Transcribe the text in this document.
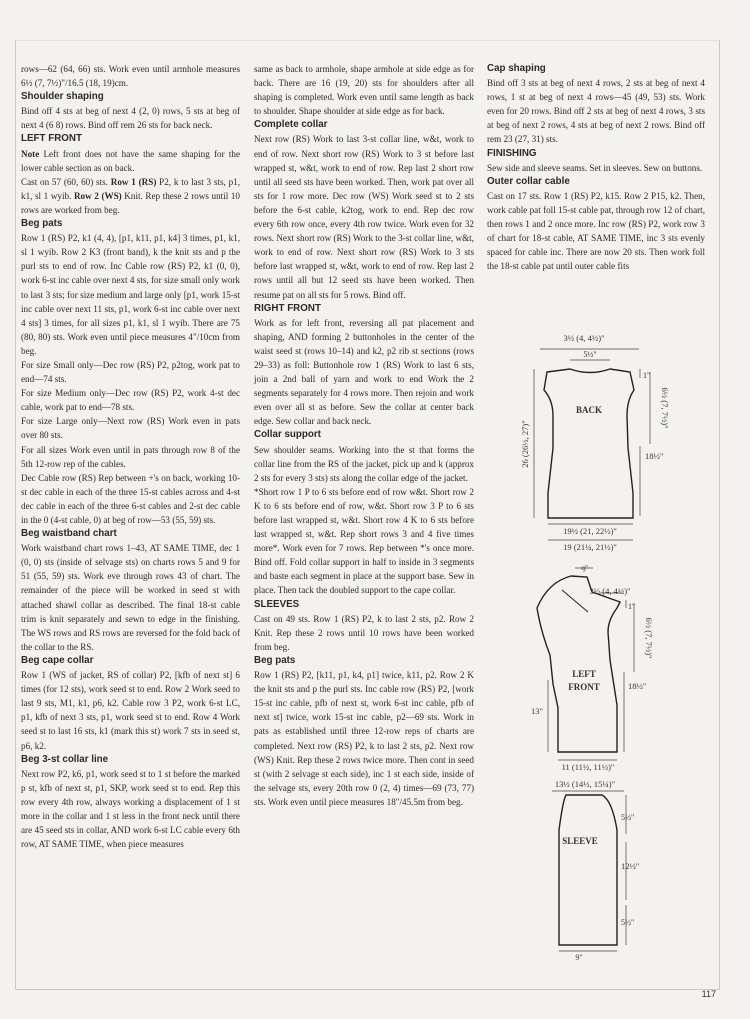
rows—62 (64, 66) sts. Work even until armhole measures 6½ (7, 7½)"/16.5 (18, 19)cm.
Shoulder shaping
Bind off 4 sts at beg of next 4 (2, 0) rows, 5 sts at beg of next 4 (6 8) rows. Bind off rem 26 sts for back neck.
LEFT FRONT
Note Left front does not have the same shaping for the lower cable section as on back.
Cast on 57 (60, 60) sts. Row 1 (RS) P2, k to last 3 sts, p1, k1, sl 1 wyib. Row 2 (WS) Knit. Rep these 2 rows until 10 rows are worked from beg.
Beg pats
Row 1 (RS) P2, k1 (4, 4), [p1, k11, p1, k4] 3 times, p1, k1, sl 1 wyib. Row 2 K3 (front band), k the knit sts and p the purl sts to end of row. Inc Cable row (RS) P2, k1 (0, 0), work 6-st inc cable over next 4 sts, for size small only work to last 3 sts; for size medium and large only [p1, work 15-st inc cable over next 11 sts, p1, work 6-st inc cable over next 4 sts] 3 times, for all sizes p1, k1, sl 1 wyib. There are 75 (80, 80) sts. Work even until piece measures 4"/10cm from beg.
For size Small only—Dec row (RS) P2, p2tog, work pat to end—74 sts.
For size Medium only—Dec row (RS) P2, work 4-st dec cable, work pat to end—78 sts.
For size Large only—Next row (RS) Work even in pats over 80 sts.
For all sizes Work even until in pats through row 8 of the 5th 12-row rep of the cables.
Dec Cable row (RS) Rep between +'s on back, working 10-st dec cable in each of the three 15-st cables across and 4-st dec cable in each of the three 6-st cables and 2-st dec cable in the 0 (4-st cable, 0) at beg of row—53 (55, 59) sts.
Beg waistband chart
Work waistband chart rows 1–43, AT SAME TIME, dec 1 (0, 0) sts (inside of selvage sts) on charts rows 5 and 9 for 51 (55, 59) sts. Work eve through rows 43 of chart. The remainder of the piece will be worked in seed st with attached shawl collar as described. The final 18-st cable trim is knit separately and sewn to edge in the finishing. The WS rows and RS rows are reversed for the fold back of the collar to the RS.
Beg cape collar
Row 1 (WS of jacket, RS of collar) P2, [kfb of next st] 6 times (for 12 sts), work seed st to end. Row 2 Work seed to last 9 sts, M1, k1, p6, k2. Cable row 3 P2, work 6-st LC, p1, kfb of next 3 sts, p1, work seed st to end. Row 4 Work seed st to last 16 sts, k1 (mark this st) work 7 sts in seed st, p6, k2.
Beg 3-st collar line
Next row P2, k6, p1, work seed st to 1 st before the marked p st, kfb of next st, p1, SKP, work seed st to end. Rep this row every 4th row, always working a displacement of 1 st more in the collar and 1 st less in the front neck until there are 45 seed sts in collar, AND work 6-st LC cable every 6th row, AT SAME TIME, when piece measures
same as back to armhole, shape armhole at side edge as for back. There are 16 (19, 20) sts for shoulders after all shaping is completed. Work even until same length as back to shoulder. Shape shoulder at side edge as for back.
Complete collar
Next row (RS) Work to last 3-st collar line, w&t, work to end of row. Next short row (RS) Work to 3 st before last wrapped st, w&t, work to end of row. Rep last 2 short row until all seed sts have been worked. Then, work pat over all sts for 1 row more. Dec row (WS) Work seed st to 2 sts before the 6-st cable, k2tog, work to end. Rep dec row every 6th row once, every 4th row twice. Work even for 32 rows. Next short row (RS) Work to the 3-st collar line, w&t, work to end of row. Next short row (RS) Work to 3 sts before last wrapped st, w&t, work to end of row. Rep last 2 rows until all but 12 seed sts have been worked. Then resume pat on all sts for 5 rows. Bind off.
RIGHT FRONT
Work as for left front, reversing all pat placement and shaping, AND forming 2 buttonholes in the center of the waist seed st (rows 10–14) and k2, p2 rib st sections (rows 29–33) as foll: Buttonhole row 1 (RS) Work to last 6 sts, join a 2nd ball of yarn and work to end Work the 2 segments separately for 4 rows more. Then rejoin and work even over all st as before. Sew the collar at center back edge. Sew collar and back neck.
Collar support
Sew shoulder seams. Working into the st that forms the collar line from the RS of the jacket, pick up and k (approx 2 sts for every 3 sts) sts along the collar edge of the jacket.
*Short row 1 P to 6 sts before end of row w&t. Short row 2 K to 6 sts before end of row, w&t. Short row 3 P to 6 sts before last wrapped st, w&t. Short row 4 K to 6 sts before last wrapped st, w&t. Rep short rows 3 and 4 five times more*. Work even for 7 rows. Rep between *'s once more. Bind off. Fold collar support in half to inside in 3 segments and baste each segment in place at the support base. Sew in place. Then tack the doubled support to the cape collar.
SLEEVES
Cast on 49 sts. Row 1 (RS) P2, k to last 2 sts, p2. Row 2 Knit. Rep these 2 rows until 10 rows have been worked from beg.
Beg pats
Row 1 (RS) P2, [k11, p1, k4, p1] twice, k11, p2. Row 2 K the knit sts and p the purl sts. Inc cable row (RS) P2, [work 15-st inc cable, pfb of next st, work 6-st inc cable, pfb of next st] twice, work 15-st inc cable, p2—69 sts. Work in pats as established until three 12-row reps of charts are completed. Next row (RS) P2, k to last 2 sts, p2. Next row (WS) Knit. Rep these 2 rows twice more. Then cont in seed st (with 2 selvage st each side), inc 1 st each side, inside of the selvage sts, every 20th row 0 (2, 4) times—69 (73, 77) sts. Work even until piece measures 18"/45.5m from beg.
Cap shaping
Bind off 3 sts at beg of next 4 rows, 2 sts at beg of next 4 rows, 1 st at beg of next 4 rows—45 (49, 53) sts. Work even for 20 rows. Bind off 2 sts at beg of next 4 rows, 3 sts at beg of next 2 rows, 4 sts at beg of next 2 rows. Bind off rem 23 (27, 31) sts.
FINISHING
Sew side and sleeve seams. Set in sleeves. Sew on buttons.
Outer collar cable
Cast on 17 sts. Row 1 (RS) P2, k15. Row 2 P15, k2. Then, work cable pat foll 15-st cable pat, through row 12 of chart, then rows 1 and 2 once more. Inc row (RS) P2, work row 3 of chart for 18-st cable, AT SAME TIME, inc 3 sts evenly spaced for cable inc. There are now 20 sts. Then work foll the 18-st cable pat until outer cable fits
3½ (4, 4½)"
5½"
1"
6½ (7, 7½)"
26 (26½, 27)"	18½"
BACK
19½ (21, 22½)"
19 (21¼, 21½)"
9"
3½ (4, 4½)"
1"
6½ (7, 7½)"
18½"
LEFT
FRONT
13"
11 (11½, 11½)"
13½ (14½, 15¼)"
5½"
SLEEVE
12½"
5½"
9"
117
